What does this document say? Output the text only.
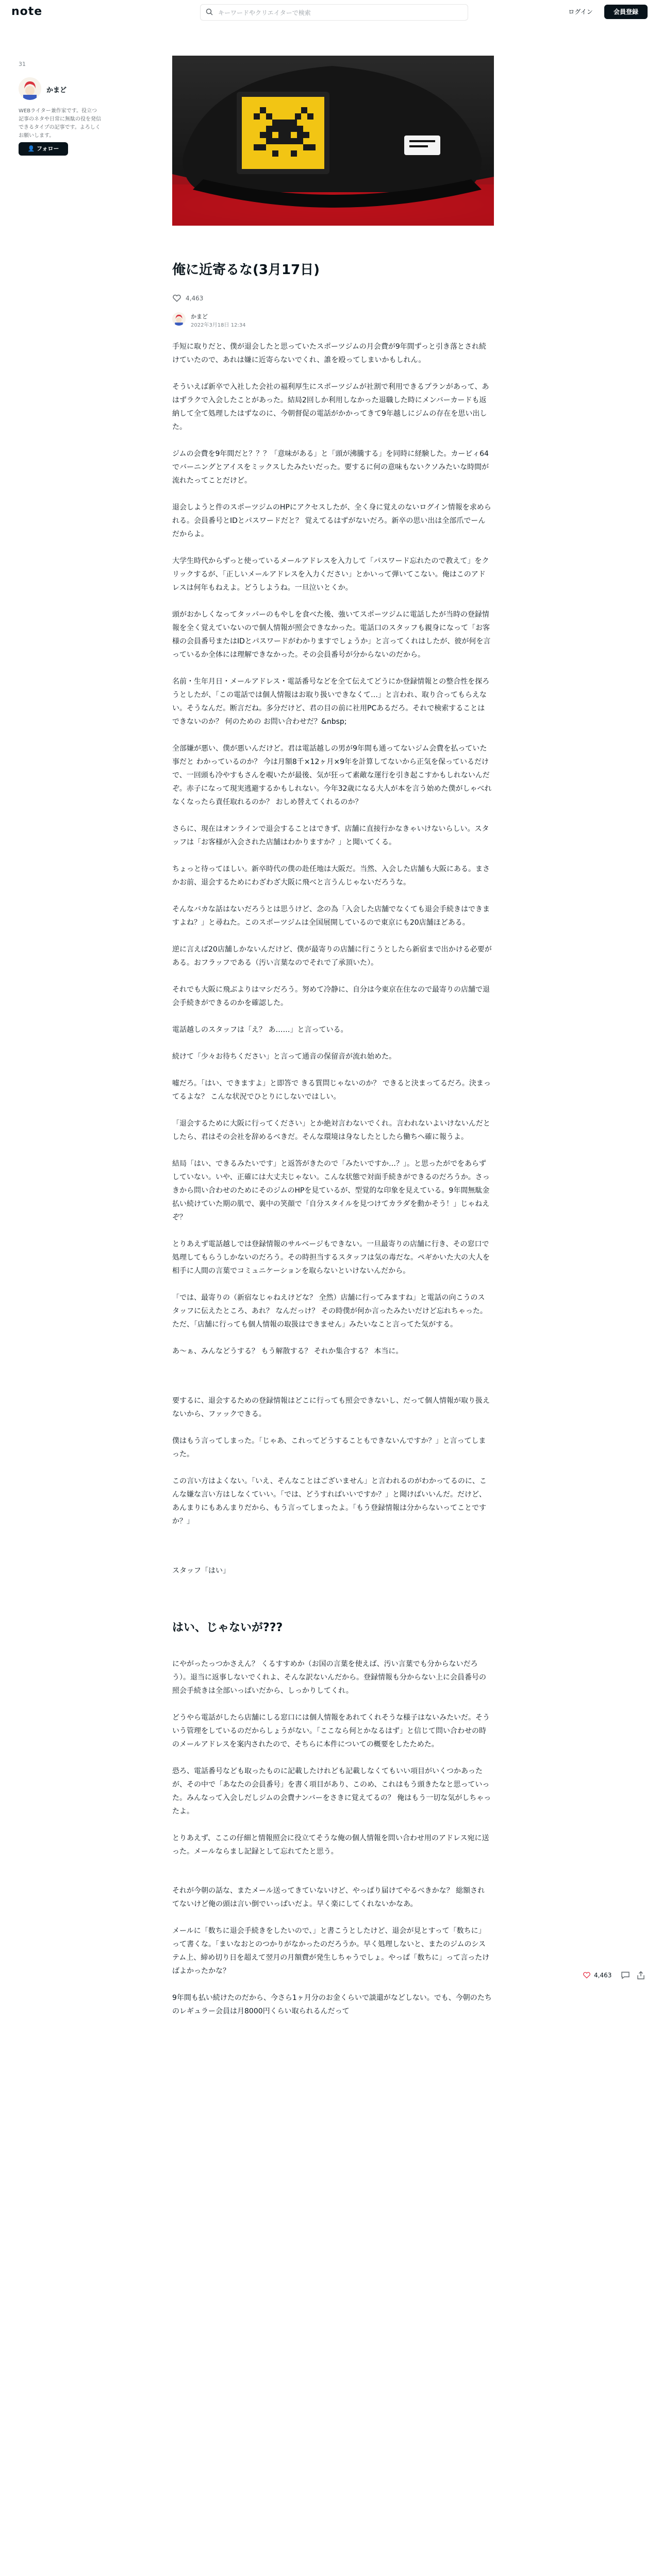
note	キーワードやクリエイターで検索	ログイン	会員登録
31
かまど
WEBライター兼作家です。役立つ記事のネタや日常に無駄の役を発信できるタイプの記事です。よろしくお願いします。
👤 フォロー
俺に近寄るな(3月17日)
4,463
かまど
2022年3月18日 12:34

手短に取りだと、僕が退会したと思っていたスポーツジムの月会費が9年間ずっと引き落とされ続けていたので、あれは嫌に近寄らないでくれ、誰を殴ってしまいかもしれん。

そういえば新卒で入社した会社の福利厚生にスポーツジムが社割で利用できるプランがあって、あはずラクで入会したことがあった。結局2回しか利用しなかった退職した時にメンバーカードも返納して全て処理したはずなのに、今朝督促の電話がかかってきて9年越しにジムの存在を思い出した。

ジムの会費を9年間だと？？？「意味がある」と「頭が沸騰する」を同時に経験した。カービィ64でバーニングとアイスをミックスしたみたいだった。要するに何の意味もないクソみたいな時間が流れたってことだけど。

退会しようと件のスポーツジムのHPにアクセスしたが、全く身に覚えのないログイン情報を求められる。会員番号とIDとパスワードだと？ 覚えてるはずがないだろ。新卒の思い出は全部爪でーんだからよ。

大学生時代からずっと使っているメールアドレスを入力して「パスワード忘れたので教えて」をクリックするが、「正しいメールアドレスを入力ください」とかいって弾いてこない。俺はこのアドレスは何年もねえよ。どうしようね。一旦泣いとくか。

頭がおかしくなってタッパーのもやしを食べた後、強いてスポーツジムに電話したが当時の登録情報を全く覚えていないので個人情報が照会できなかった。電話口のスタッフも親身になって「お客様の会員番号またはIDとパスワードがわかりますでしょうか」と言ってくれはしたが、彼が何を言っているか全体には理解できなかった。その会員番号が分からないのだから。

名前・生年月日・メールアドレス・電話番号などを全て伝えてどうにか登録情報との整合性を探ろうとしたが、「この電話では個人情報はお取り扱いできなくて…」と言われ、取り合ってもらえない。そうなんだ。断言だね。多分だけど、君の目の前に社用PCあるだろ。それで検索することはできないのか？ 何のための お問い合わせだ？&nbsp;

全部嫌が悪い、僕が悪いんだけど。君は電話越しの男が9年間も通ってないジム会費を払っていた事だと わかっているのか？ 今は月額8千×12ヶ月×9年を計算してないから正気を保っているだけで、一回頭も冷やすもさんを覗いたが最後、気が狂って素敵な運行を引き起こすかもしれないんだぞ。赤子になって現実逃避するかもしれない。今年32歳になる大人が本を言う始めた僕がしゃべれなくなったら責任取れるのか？ おしめ替えてくれるのか？

さらに、現在はオンラインで退会することはできず、店舗に直接行かなきゃいけないらしい。スタッフは「お客様が入会された店舗はわかりますか？」と聞いてくる。

ちょっと待ってほしい。新卒時代の僕の赴任地は大阪だ。当然、入会した店舗も大阪にある。まさかお前、退会するためにわざわざ大阪に飛べと言うんじゃないだろうな。

そんなバカな話はないだろうとは思うけど、念の為「入会した店舗でなくても退会手続きはできますよね？」と尋ねた。このスポーツジムは全国展開しているので東京にも20店舗ほどある。

逆に言えば20店舗しかないんだけど、僕が最寄りの店舗に行こうとしたら新宿まで出かける必要がある。おフラッフである（汚い言葉なのでそれで了承頂いた）。

それでも大阪に飛ぶよりはマシだろう。努めて冷静に、自分は今東京在住なので最寄りの店舗で退会手続きができるのかを確認した。

電話越しのスタッフは「え？ あ……」と言っている。

続けて「少々お待ちください」と言って通音の保留音が流れ始めた。

嘘だろ。「はい、できますよ」と即答で きる質問じゃないのか？ できると決まってるだろ。決まってるよな？ こんな状況でひとりにしないではしい。

「退会するために大阪に行ってください」とか絶対言わないでくれ。言われないよいけないんだとしたら、君はその会社を辞めるべきだ。そんな環境は身なしたとしたら働ちへ確に報うよ。

結局「はい、できるみたいです」と返答がきたので「みたいですか…？」。と思ったがでをあらずしていない。いや、正確には大丈夫じゃない。こんな状態で対面手続きができるのだろうか。さっきから問い合わせのためにそのジムのHPを見ているが、型覚的な印象を見えている。9年間無駄金払い続けていた期の肌で、裏中の笑顔で「自分スタイルを見つけてカラダを動かそう！」じゃねえぞ？

とりあえず電話越しでは登録情報のサルベージもできない。一旦最寄りの店舗に行き、その窓口で処理してもらうしかないのだろう。その時担当するスタッフは気の毒だな。ペギかいた大の大人を相手に人間の言葉でコミュニケーションを取らないといけないんだから。

「では、最寄りの（新宿なじゃねえけどな？ 全然）店舗に行ってみますね」と電話の向こうのスタッフに伝えたところ、あれ？ なんだっけ？ その時僕が何か言ったみたいだけど忘れちゃった。ただ、「店舗に行っても個人情報の取扱はできません」みたいなこと言ってた気がする。

あ〜ぁ、みんなどうする？ もう解散する？ それか集合する？ 本当に。

要するに、退会するための登録情報はどこに行っても照会できないし、だって個人情報が取り扱えないから、ファックできる。

僕はもう言ってしまった。「じゃあ、これってどうすることもできないんですか？」と言ってしまった。

この言い方はよくない。「いえ、そんなことはございません」と言われるのがわかってるのに、こんな嫌な言い方はしなくていい。「では、どうすればいいですか？」と聞けばいいんだ。だけど、あんまりにもあんまりだから、もう言ってしまったよ。「もう登録情報は分からないってことですか？」

スタッフ「はい」

はい、じゃないが???

にやがったっつかさえん？ くるすすめか（お国の言葉を使えば、汚い言葉でも分からないだろう）。退当に返事しないでくれよ、そんな訳ないんだから。登録情報も分からない上に会員番号の照会手続きは全部いっぱいだから、しっかりしてくれ。

どうやら電話がしたら店舗にしる窓口には個人情報をあれてくれそうな様子はないみたいだ。そういう管理をしているのだからしょうがない。「ここなら何とかなるはず」と信じて問い合わせの時のメールアドレスを案内されたので、そちらに本件についての概要をしたためた。

恐ろ、電話番号なども取ったものに記載したけれども記載しなくてもいい項目がいくつかあったが、その中で「あなたの会員番号」を書く項目があり、このめ、これはもう頭きたなと思っていった。みんなって入会しだしジムの会費ナンバーをさきに覚えてるの？ 俺はもう一切な気がしちゃったよ。

とりあえず、ここの仔細と情報照会に役立てそうな俺の個人情報を問い合わせ用のアドレス宛に送った。メールならまし記録として忘れてたと思う。

それが今朝の話な、またメール送ってきていないけど、やっぱり届けてやるべきかな？ 総額されてないけど俺の頭は言い倒でいっぱいだよ。早く楽にしてくれないかなあ。

メールに「数ちに退会手続きをしたいので、」と書こうとしたけど、退会が見とすって「数ちに」って書くな。「まいなおとのつかりがなかったのだろうか。早く処理しないと、またのジムのシステム上、締め切り日を超えて翌月の月額費が発生しちゃうでしょ。やっぱ「数ちに」って言ったけばよかったかな？

9年間も払い続けたのだから、今さら1ヶ月分のお金くらいで談還がなどしない。でも、今朝のたちのレギュラー会員は月8000円くらい取られるんだって

4,463
